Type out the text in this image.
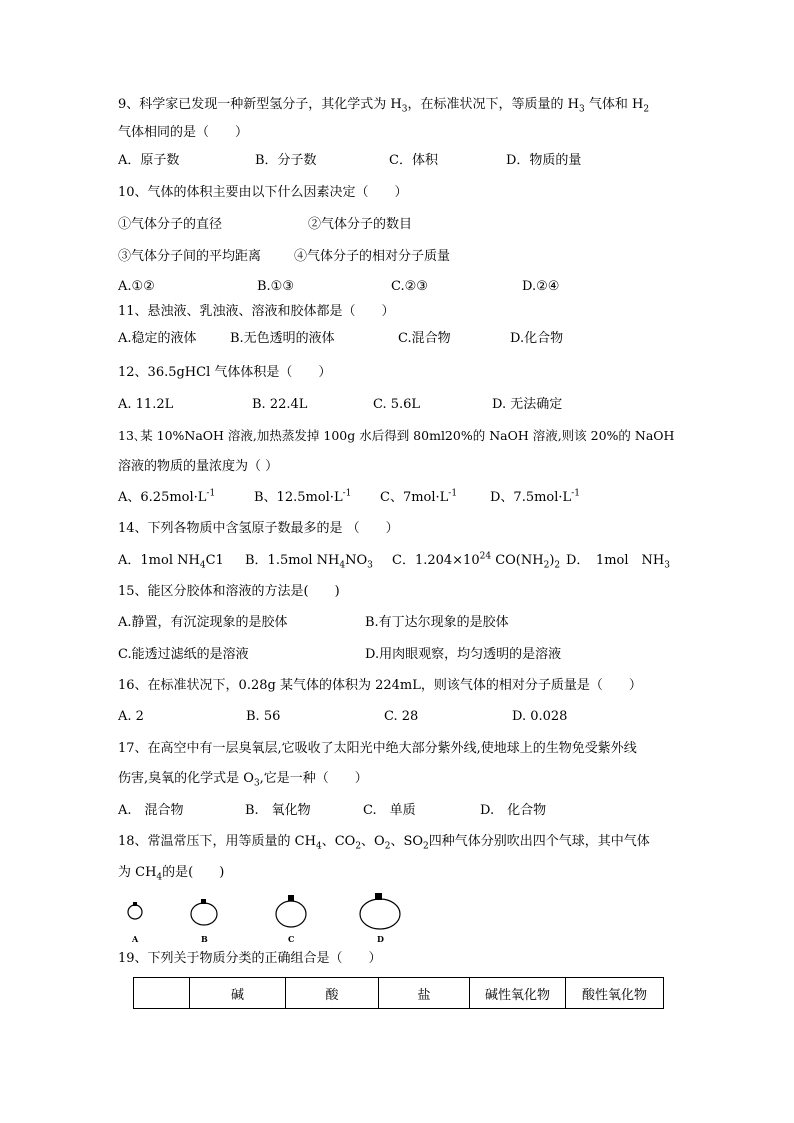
9、科学家已发现一种新型氢分子，其化学式为 $H_3$，在标准状况下，等质量的 $H_3$ 气体和 $H_2$
气体相同的是（　　）
A．原子数	B．分子数	C．体积	D．物质的量
10、气体的体积主要由以下什么因素决定（　　）
①气体分子的直径	②气体分子的数目
③气体分子间的平均距离	④气体分子的相对分子质量
A.①②	B.①③	C.②③	D.②④
11、悬浊液、乳浊液、溶液和胶体都是（　　）
A.稳定的液体	B.无色透明的液体	C.混合物	D.化合物
12、36.5gHCl 气体体积是（　　）
A. 11.2L	B. 22.4L	C. 5.6L	D. 无法确定
13､某 10%NaOH 溶液,加热蒸发掉 100g 水后得到 80ml20%的 NaOH 溶液,则该 20%的 NaOH
溶液的物质的量浓度为（ ）
A、$6.25mol\cdot L^{-1}$	B、$12.5mol\cdot L^{-1}$ C、$7mol\cdot L^{-1}$	D、$7.5mol\cdot L^{-1}$
14、下列各物质中含氢原子数最多的是 （　　）
A．1mol $NH_4C1$ B．1.5mol $NH_4NO_3$ C．$1.204\times 10^{24}$ $CO(NH_2)_2$ D．　1mol　$NH_3$
15、能区分胶体和溶液的方法是(　　)
A.静置，有沉淀现象的是胶体	B.有丁达尔现象的是胶体
C.能透过滤纸的是溶液	D.用肉眼观察，均匀透明的是溶液
16、在标准状况下，0.28g 某气体的体积为 224mL，则该气体的相对分子质量是（　　）
A. 2	B. 56	C. 28	D. 0.028
17、在高空中有一层臭氧层,它吸收了太阳光中绝大部分紫外线,使地球上的生物免受紫外线
伤害,臭氧的化学式是 $O_3$,它是一种（　　）
A.　混合物	B.　氧化物	C.　单质	D.　化合物
18、常温常压下，用等质量的 $CH_4$、$CO_2$、$O_2$、$SO_2$四种气体分别吹出四个气球，其中气体
为 $CH_4$的是(　　)
A	B	C	D
19、下列关于物质分类的正确组合是（　　）
	碱	酸	盐	碱性氧化物	酸性氧化物
